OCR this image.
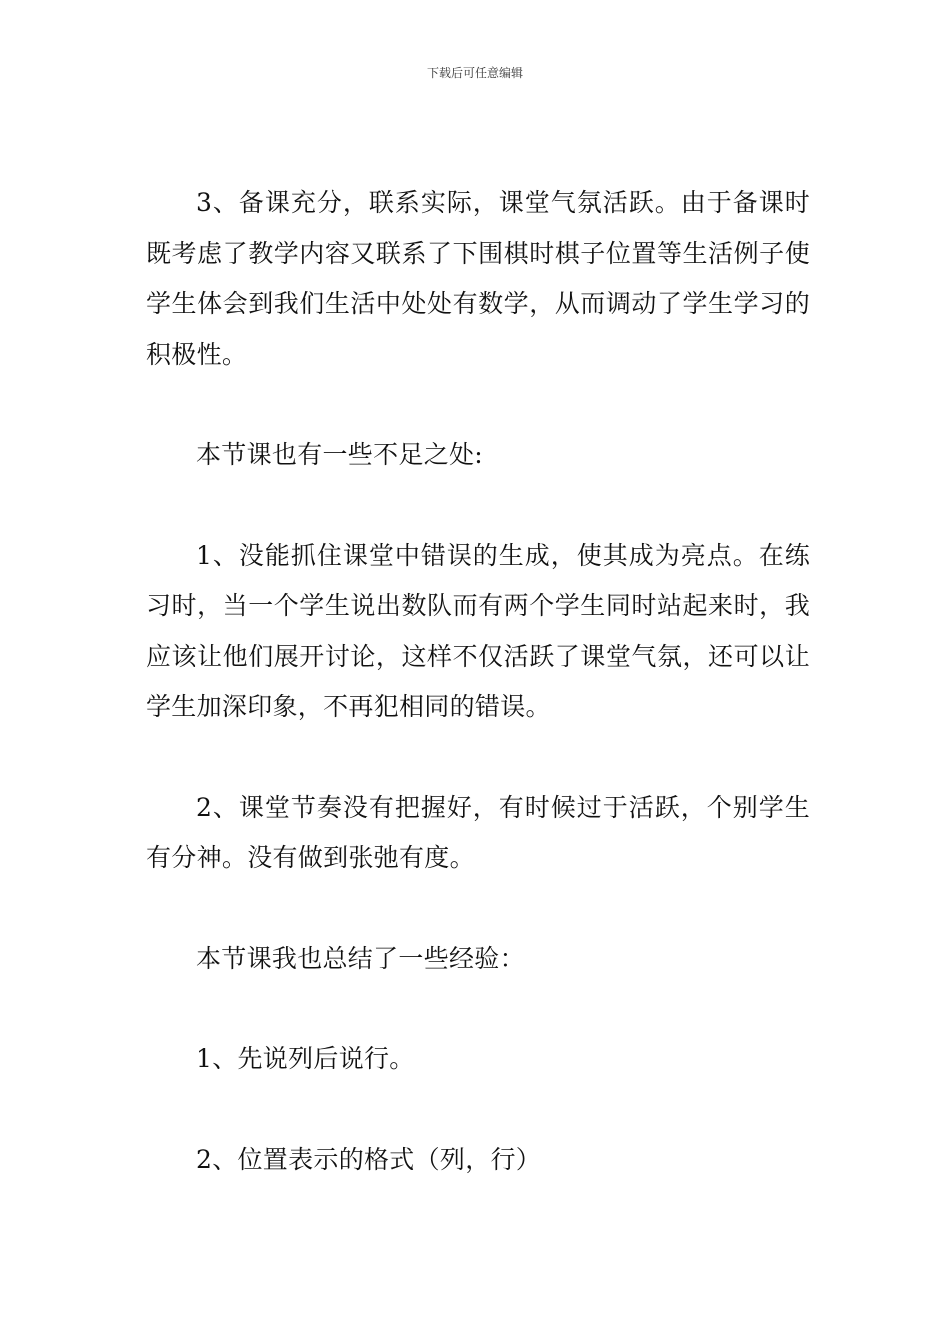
下载后可任意编辑

3、备课充分，联系实际，课堂气氛活跃。由于备课时既考虑了教学内容又联系了下围棋时棋子位置等生活例子使学生体会到我们生活中处处有数学，从而调动了学生学习的积极性。

本节课也有一些不足之处:

1、没能抓住课堂中错误的生成，使其成为亮点。在练习时，当一个学生说出数队而有两个学生同时站起来时，我应该让他们展开讨论，这样不仅活跃了课堂气氛，还可以让学生加深印象，不再犯相同的错误。

2、课堂节奏没有把握好，有时候过于活跃，个别学生有分神。没有做到张弛有度。

本节课我也总结了一些经验：

1、先说列后说行。

2、位置表示的格式（列，行）
